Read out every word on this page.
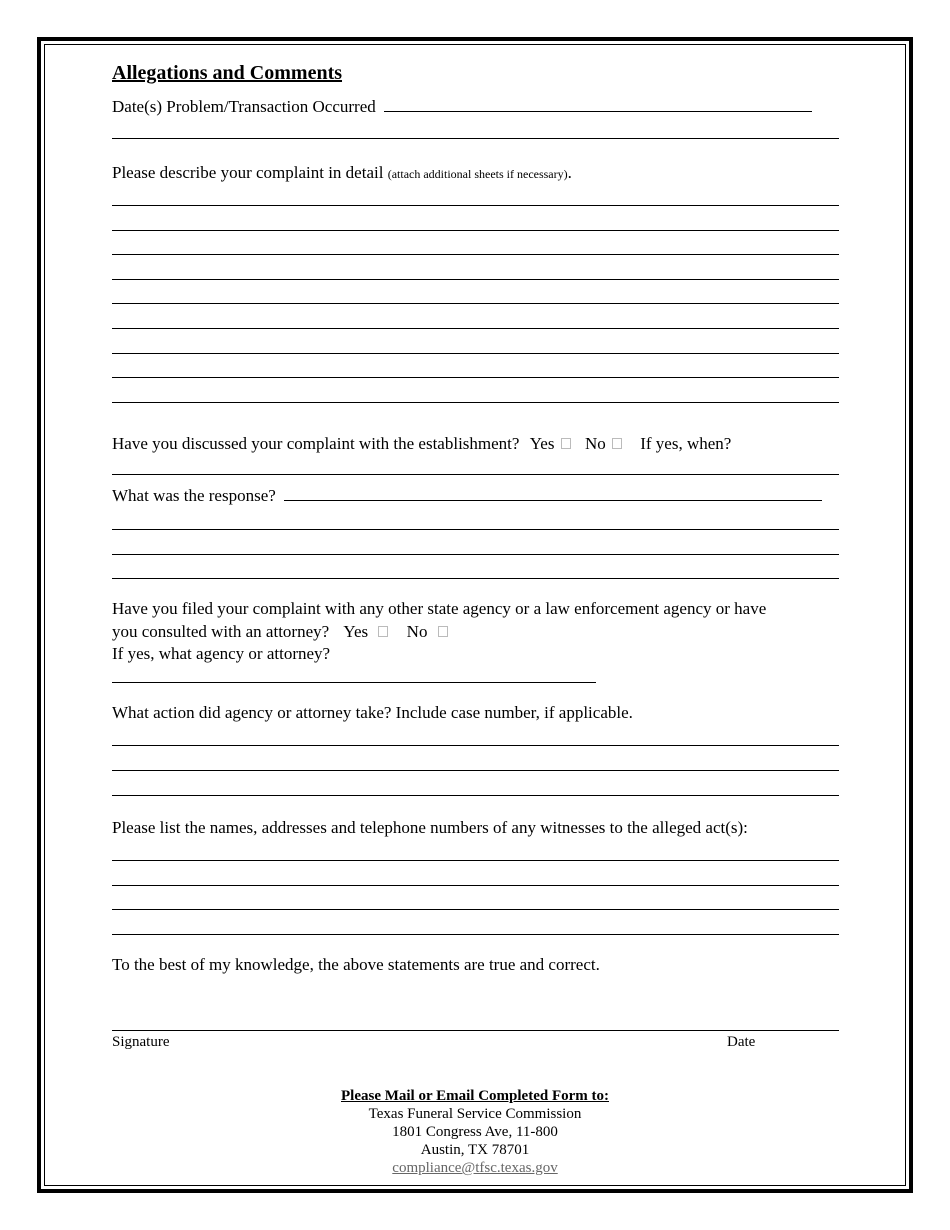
Allegations and Comments
Date(s) Problem/Transaction Occurred
Please describe your complaint in detail (attach additional sheets if necessary).
Have you discussed your complaint with the establishment? Yes No If yes, when?
What was the response?
Have you filed your complaint with any other state agency or a law enforcement agency or have
you consulted with an attorney? Yes No
If yes, what agency or attorney?
What action did agency or attorney take? Include case number, if applicable.
Please list the names, addresses and telephone numbers of any witnesses to the alleged act(s):
To the best of my knowledge, the above statements are true and correct.
Signature	Date
Please Mail or Email Completed Form to:
Texas Funeral Service Commission
1801 Congress Ave, 11-800
Austin, TX 78701
compliance@tfsc.texas.gov
